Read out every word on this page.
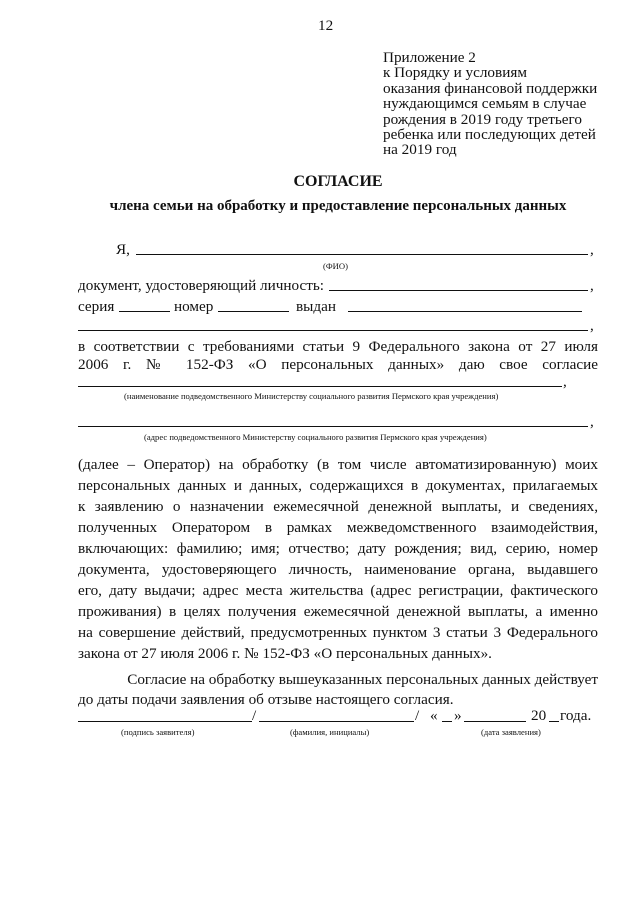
12
Приложение 2
к Порядку и условиям
оказания финансовой поддержки
нуждающимся семьям в случае
рождения в 2019 году третьего
ребенка или последующих детей
на 2019 год
СОГЛАСИЕ
члена семьи на обработку и предоставление персональных данных
Я,	,
(ФИО)
документ, удостоверяющий личность:	,
серия	номер	выдан
,
в соответствии с требованиями статьи 9 Федерального закона от 27 июля
2006 г. № 152-ФЗ «О персональных данных» даю свое согласие
,
(наименование подведомственного Министерству социального развития Пермского края учреждения)
,
(адрес подведомственного Министерству социального развития Пермского края учреждения)
(далее – Оператор) на обработку (в том числе автоматизированную) моих
персональных данных и данных, содержащихся в документах, прилагаемых
к заявлению о назначении ежемесячной денежной выплаты, и сведениях,
полученных Оператором в рамках межведомственного взаимодействия,
включающих: фамилию; имя; отчество; дату рождения; вид, серию, номер
документа, удостоверяющего личность, наименование органа, выдавшего
его, дату выдачи; адрес места жительства (адрес регистрации, фактического
проживания) в целях получения ежемесячной денежной выплаты, а именно
на совершение действий, предусмотренных пунктом 3 статьи 3 Федерального
закона от 27 июля 2006 г. № 152-ФЗ «О персональных данных».
Согласие на обработку вышеуказанных персональных данных действует
до даты подачи заявления об отзыве настоящего согласия.
/	/ « »	20 года.
(подпись заявителя)	(фамилия, инициалы)	(дата заявления)
